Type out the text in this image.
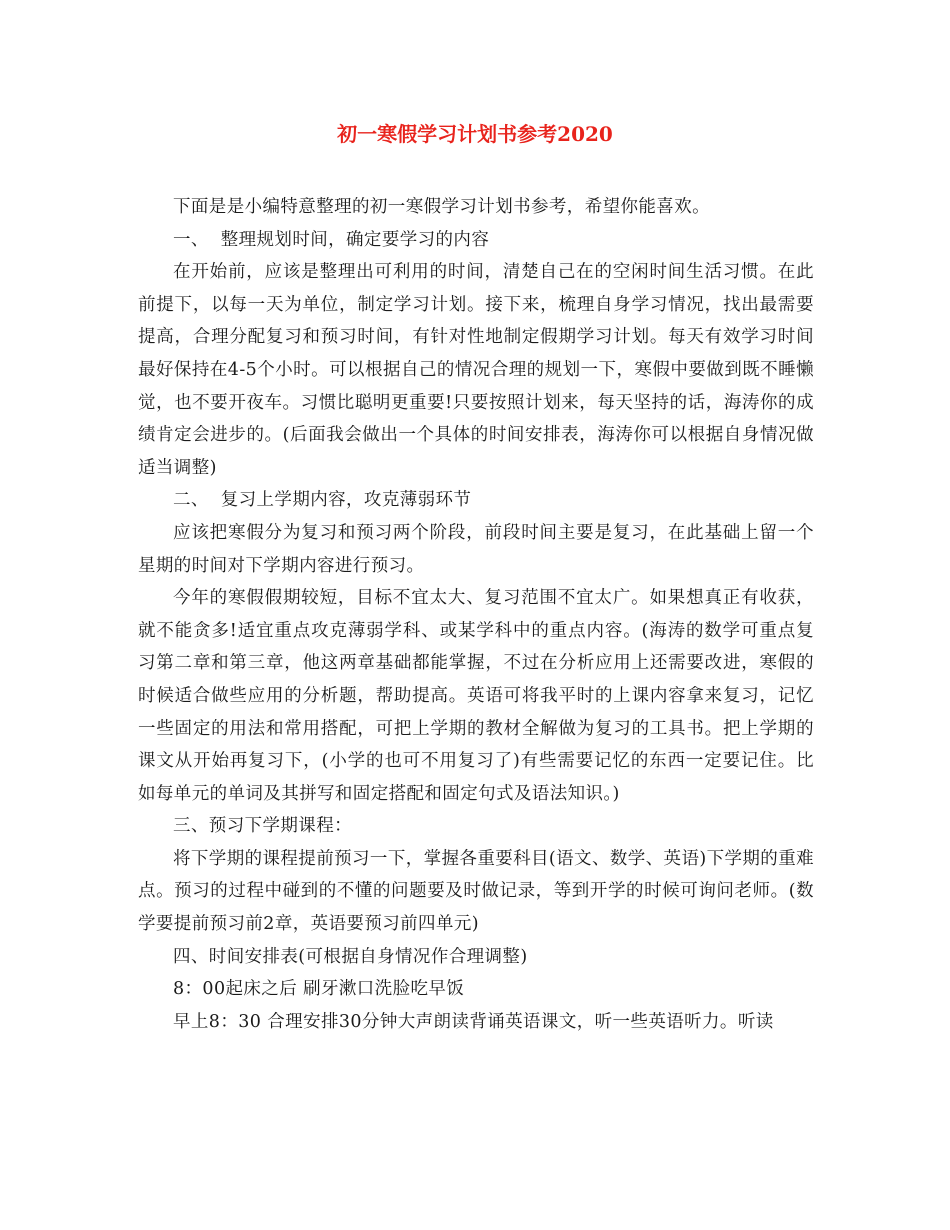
初一寒假学习计划书参考2020

下面是是小编特意整理的初一寒假学习计划书参考，希望你能喜欢。

一、  整理规划时间，确定要学习的内容

在开始前，应该是整理出可利用的时间，清楚自己在的空闲时间生活习惯。在此前提下，以每一天为单位，制定学习计划。接下来，梳理自身学习情况，找出最需要提高，合理分配复习和预习时间，有针对性地制定假期学习计划。每天有效学习时间最好保持在4-5个小时。可以根据自己的情况合理的规划一下，寒假中要做到既不睡懒觉，也不要开夜车。习惯比聪明更重要!只要按照计划来，每天坚持的话，海涛你的成绩肯定会进步的。(后面我会做出一个具体的时间安排表，海涛你可以根据自身情况做适当调整)

二、  复习上学期内容，攻克薄弱环节

应该把寒假分为复习和预习两个阶段，前段时间主要是复习，在此基础上留一个星期的时间对下学期内容进行预习。

今年的寒假假期较短，目标不宜太大、复习范围不宜太广。如果想真正有收获，就不能贪多!适宜重点攻克薄弱学科、或某学科中的重点内容。(海涛的数学可重点复习第二章和第三章，他这两章基础都能掌握，不过在分析应用上还需要改进，寒假的时候适合做些应用的分析题，帮助提高。英语可将我平时的上课内容拿来复习，记忆一些固定的用法和常用搭配，可把上学期的教材全解做为复习的工具书。把上学期的课文从开始再复习下，(小学的也可不用复习了)有些需要记忆的东西一定要记住。比如每单元的单词及其拼写和固定搭配和固定句式及语法知识。)

三、预习下学期课程：

将下学期的课程提前预习一下，掌握各重要科目(语文、数学、英语)下学期的重难点。预习的过程中碰到的不懂的问题要及时做记录，等到开学的时候可询问老师。(数学要提前预习前2章，英语要预习前四单元)

四、时间安排表(可根据自身情况作合理调整)

8：00起床之后 刷牙漱口洗脸吃早饭

早上8：30 合理安排30分钟大声朗读背诵英语课文，听一些英语听力。听读
